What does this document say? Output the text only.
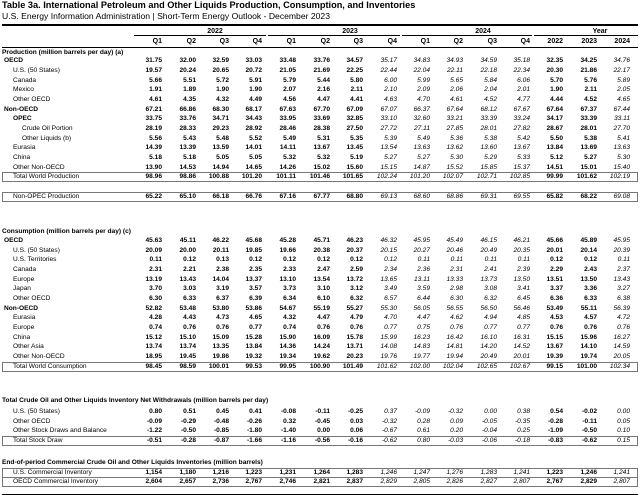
Table 3a. International Petroleum and Other Liquids Production, Consumption, and Inventories
U.S. Energy Information Administration | Short-Term Energy Outlook - December 2023
2022	2023	2024	Year
Q1	Q2	Q3	Q4	Q1	Q2	Q3	Q4	Q1	Q2	Q3	Q4	2022	2023	2024
Production (million barrels per day) (a)
Consumption (million barrels per day) (c)
Total Crude Oil and Other Liquids Inventory Net Withdrawals (million barrels per day)
End-of-period Commercial Crude Oil and Other Liquids Inventories (million barrels)
OECD	31.75	32.00	32.59	33.03	33.48	33.76	34.57	35.17	34.83	34.93	34.59	35.18	32.35	34.25	34.76
U.S. (50 States)	19.57	20.24	20.65	20.72	21.05	21.69	22.25	22.44	22.04	22.11	22.18	22.34	20.30	21.86	22.17
Canada	5.66	5.51	5.72	5.91	5.79	5.44	5.80	6.00	5.99	5.65	5.84	6.06	5.70	5.76	5.89
Mexico	1.91	1.89	1.90	1.90	2.07	2.16	2.11	2.10	2.09	2.06	2.04	2.01	1.90	2.11	2.05
Other OECD	4.61	4.35	4.32	4.49	4.56	4.47	4.41	4.63	4.70	4.61	4.52	4.77	4.44	4.52	4.65
Non-OECD	67.21	66.86	68.30	68.17	67.63	67.70	67.09	67.07	66.37	67.64	68.12	67.67	67.64	67.37	67.44
OPEC	33.75	33.76	34.71	34.43	33.95	33.69	32.85	33.10	32.60	33.21	33.39	33.24	34.17	33.39	33.11
Crude Oil Portion	28.19	28.33	29.23	28.92	28.46	28.38	27.50	27.72	27.11	27.85	28.01	27.82	28.67	28.01	27.70
Other Liquids (b)	5.56	5.43	5.48	5.52	5.49	5.31	5.35	5.39	5.49	5.36	5.38	5.42	5.50	5.38	5.41
Eurasia	14.39	13.39	13.59	14.01	14.11	13.67	13.45	13.54	13.63	13.62	13.60	13.67	13.84	13.69	13.63
China	5.18	5.18	5.05	5.05	5.32	5.32	5.19	5.27	5.27	5.30	5.29	5.33	5.12	5.27	5.30
Other Non-OECD	13.90	14.53	14.94	14.65	14.26	15.02	15.60	15.15	14.87	15.52	15.85	15.37	14.51	15.01	15.40
Total World Production	98.96	98.86	100.88	101.20	101.11	101.46	101.65	102.24	101.20	102.07	102.71	102.85	99.99	101.62	102.19
Non-OPEC Production	65.22	65.10	66.18	66.76	67.16	67.77	68.80	69.13	68.60	68.86	69.31	69.55	65.82	68.22	69.08
OECD	45.63	45.11	46.22	45.68	45.28	45.71	46.23	46.32	45.95	45.49	46.15	46.21	45.66	45.89	45.95
U.S. (50 States)	20.09	20.00	20.11	19.85	19.66	20.38	20.37	20.15	20.27	20.46	20.49	20.35	20.01	20.14	20.39
U.S. Territories	0.11	0.12	0.13	0.12	0.12	0.12	0.12	0.12	0.11	0.11	0.11	0.11	0.12	0.12	0.11
Canada	2.31	2.21	2.38	2.35	2.33	2.47	2.59	2.34	2.36	2.31	2.41	2.39	2.29	2.43	2.37
Europe	13.19	13.43	14.04	13.37	13.10	13.54	13.72	13.65	13.11	13.33	13.73	13.50	13.51	13.50	13.43
Japan	3.70	3.03	3.19	3.57	3.73	3.10	3.12	3.49	3.59	2.98	3.08	3.41	3.37	3.36	3.27
Other OECD	6.30	6.33	6.37	6.39	6.34	6.10	6.32	6.57	6.44	6.30	6.32	6.45	6.36	6.33	6.38
Non-OECD	52.82	53.48	53.80	53.86	54.67	55.19	55.27	55.30	56.05	56.55	56.50	56.46	53.49	55.11	56.39
Eurasia	4.28	4.43	4.73	4.65	4.32	4.47	4.79	4.70	4.47	4.62	4.94	4.85	4.53	4.57	4.72
Europe	0.74	0.76	0.76	0.77	0.74	0.76	0.76	0.77	0.75	0.76	0.77	0.77	0.76	0.76	0.76
China	15.12	15.10	15.09	15.28	15.90	16.09	15.78	15.99	16.23	16.42	16.10	16.31	15.15	15.96	16.27
Other Asia	13.74	13.74	13.35	13.84	14.36	14.24	13.71	14.08	14.83	14.81	14.20	14.52	13.67	14.10	14.59
Other Non-OECD	18.95	19.45	19.86	19.32	19.34	19.62	20.23	19.76	19.77	19.94	20.49	20.01	19.39	19.74	20.05
Total World Consumption	98.45	98.59	100.01	99.53	99.95	100.90	101.49	101.62	102.00	102.04	102.65	102.67	99.15	101.00	102.34
U.S. (50 States)	0.80	0.51	0.45	0.41	-0.08	-0.11	-0.25	0.37	-0.09	-0.32	0.00	0.38	0.54	-0.02	0.00
Other OECD	-0.09	-0.29	-0.48	-0.26	0.32	-0.45	0.03	-0.32	0.28	0.09	-0.05	-0.35	-0.28	-0.11	0.05
Other Stock Draws and Balance	-1.22	-0.50	-0.85	-1.80	-1.40	0.00	0.06	-0.67	0.61	0.20	-0.04	0.25	-1.09	-0.50	0.10
Total Stock Draw	-0.51	-0.28	-0.87	-1.66	-1.16	-0.56	-0.16	-0.62	0.80	-0.03	-0.06	-0.18	-0.83	-0.62	0.15
U.S. Commercial Inventory	1,154	1,180	1,216	1,223	1,231	1,264	1,283	1,246	1,247	1,276	1,283	1,241	1,223	1,246	1,241
OECD Commercial Inventory	2,604	2,657	2,736	2,767	2,746	2,821	2,837	2,829	2,805	2,826	2,827	2,807	2,767	2,829	2,807
